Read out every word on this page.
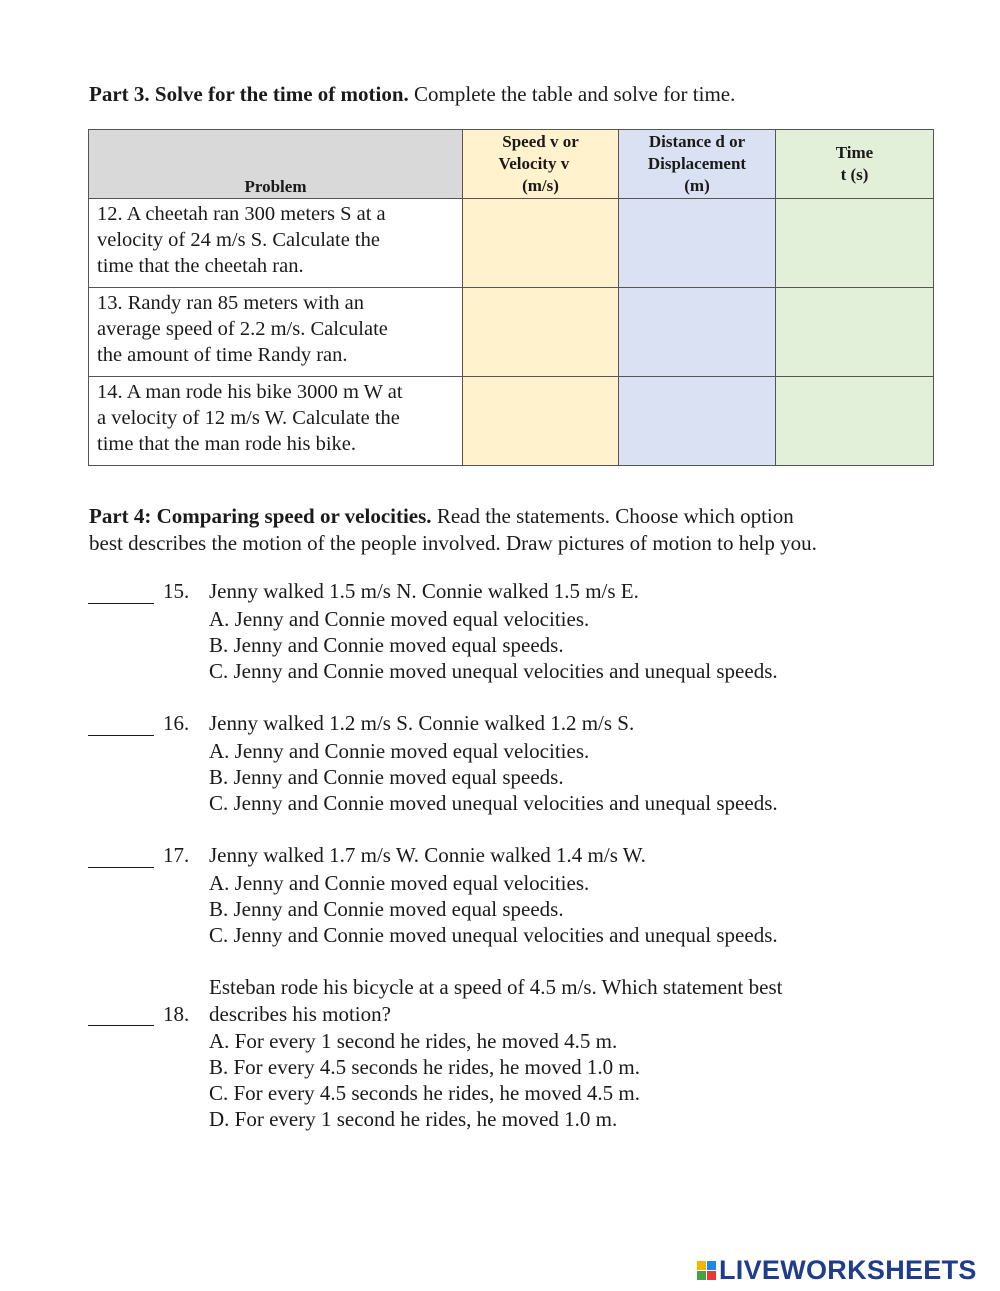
Part 3. Solve for the time of motion. Complete the table and solve for time.
Problem	Speed v or
Velocity v⃗
(m/s)	Distance d or
Displacement
(m)	Time
t (s)

12. A cheetah ran 300 meters S at a
velocity of 24 m/s S. Calculate the
time that the cheetah ran.			

13. Randy ran 85 meters with an
average speed of 2.2 m/s. Calculate
the amount of time Randy ran.			

14. A man rode his bike 3000 m W at
a velocity of 12 m/s W. Calculate the
time that the man rode his bike.			

Part 4: Comparing speed or velocities. Read the statements. Choose which option
best describes the motion of the people involved. Draw pictures of motion to help you.
15. Jenny walked 1.5 m/s N. Connie walked 1.5 m/s E.
A. Jenny and Connie moved equal velocities.
B. Jenny and Connie moved equal speeds.
C. Jenny and Connie moved unequal velocities and unequal speeds.
16. Jenny walked 1.2 m/s S. Connie walked 1.2 m/s S.
A. Jenny and Connie moved equal velocities.
B. Jenny and Connie moved equal speeds.
C. Jenny and Connie moved unequal velocities and unequal speeds.
17. Jenny walked 1.7 m/s W. Connie walked 1.4 m/s W.
A. Jenny and Connie moved equal velocities.
B. Jenny and Connie moved equal speeds.
C. Jenny and Connie moved unequal velocities and unequal speeds.
Esteban rode his bicycle at a speed of 4.5 m/s. Which statement best
18. describes his motion?
A. For every 1 second he rides, he moved 4.5 m.
B. For every 4.5 seconds he rides, he moved 1.0 m.
C. For every 4.5 seconds he rides, he moved 4.5 m.
D. For every 1 second he rides, he moved 1.0 m.
LIVEWORKSHEETS
